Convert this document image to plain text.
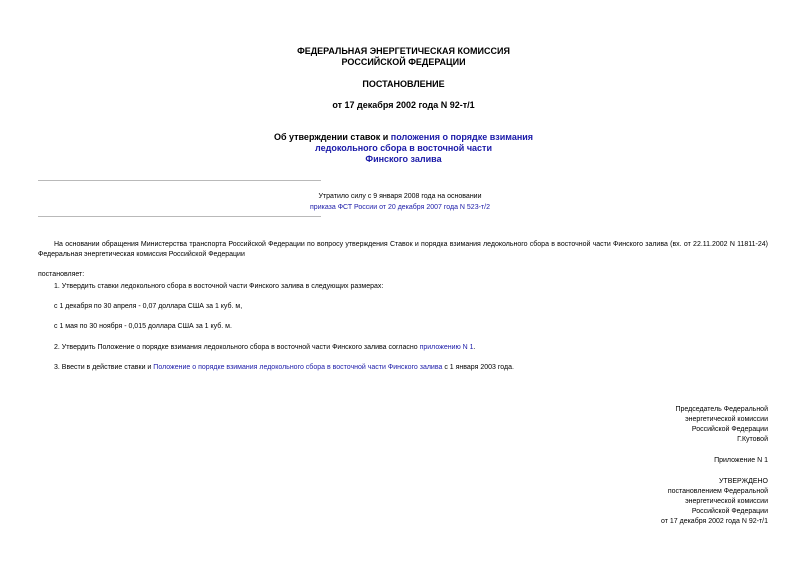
ФЕДЕРАЛЬНАЯ ЭНЕРГЕТИЧЕСКАЯ КОМИССИЯ
РОССИЙСКОЙ ФЕДЕРАЦИИ
ПОСТАНОВЛЕНИЕ
от 17 декабря 2002 года N 92-т/1
Об утверждении ставок и положения о порядке взимания
ледокольного сбора в восточной части
Финского залива
Утратило силу с 9 января 2008 года на основании
приказа ФСТ России от 20 декабря 2007 года N 523-т/2
На основании обращения Министерства транспорта Российской Федерации по вопросу утверждения Ставок и порядка взимания ледокольного сбора в восточной части Финского залива (вх. от 22.11.2002 N 11811-24) Федеральная энергетическая комиссия Российской Федерации
постановляет:
1. Утвердить ставки ледокольного сбора в восточной части Финского залива в следующих размерах:
с 1 декабря по 30 апреля - 0,07 доллара США за 1 куб. м,
с 1 мая по 30 ноября - 0,015 доллара США за 1 куб. м.
2. Утвердить Положение о порядке взимания ледокольного сбора в восточной части Финского залива согласно приложению N 1.
3. Ввести в действие ставки и Положение о порядке взимания ледокольного сбора в восточной части Финского залива с 1 января 2003 года.
Председатель Федеральной
энергетической комиссии
Российской Федерации
Г.Кутовой
Приложение N 1
УТВЕРЖДЕНО
постановлением Федеральной
энергетической комиссии
Российской Федерации
от 17 декабря 2002 года N 92-т/1
